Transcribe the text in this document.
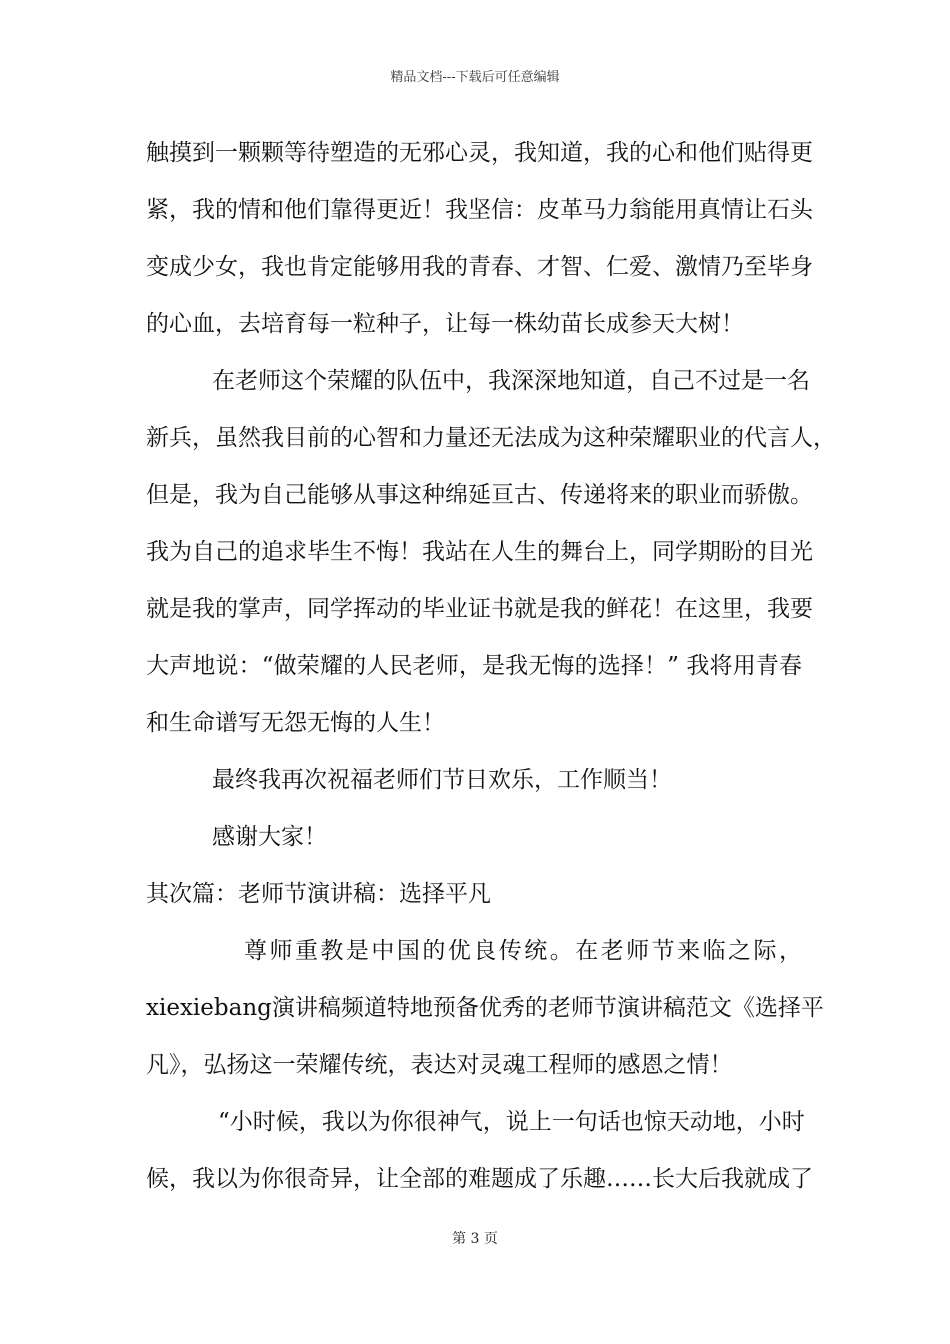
精品文档---下载后可任意编辑
触摸到一颗颗等待塑造的无邪心灵，我知道，我的心和他们贴得更
紧，我的情和他们靠得更近！我坚信：皮革马力翁能用真情让石头
变成少女，我也肯定能够用我的青春、才智、仁爱、激情乃至毕身
的心血，去培育每一粒种子，让每一株幼苗长成参天大树！
在老师这个荣耀的队伍中，我深深地知道，自己不过是一名
新兵，虽然我目前的心智和力量还无法成为这种荣耀职业的代言人，
但是，我为自己能够从事这种绵延亘古、传递将来的职业而骄傲。
我为自己的追求毕生不悔！我站在人生的舞台上，同学期盼的目光
就是我的掌声，同学挥动的毕业证书就是我的鲜花！在这里，我要
大声地说：“做荣耀的人民老师，是我无悔的选择！” 我将用青春
和生命谱写无怨无悔的人生！
最终我再次祝福老师们节日欢乐，工作顺当！
感谢大家！
其次篇：老师节演讲稿：选择平凡
尊师重教是中国的优良传统。在老师节来临之际，
xiexiebang演讲稿频道特地预备优秀的老师节演讲稿范文《选择平
凡》，弘扬这一荣耀传统，表达对灵魂工程师的感恩之情！
“小时候，我以为你很神气，说上一句话也惊天动地，小时
候，我以为你很奇异，让全部的难题成了乐趣……长大后我就成了
第 3 页
